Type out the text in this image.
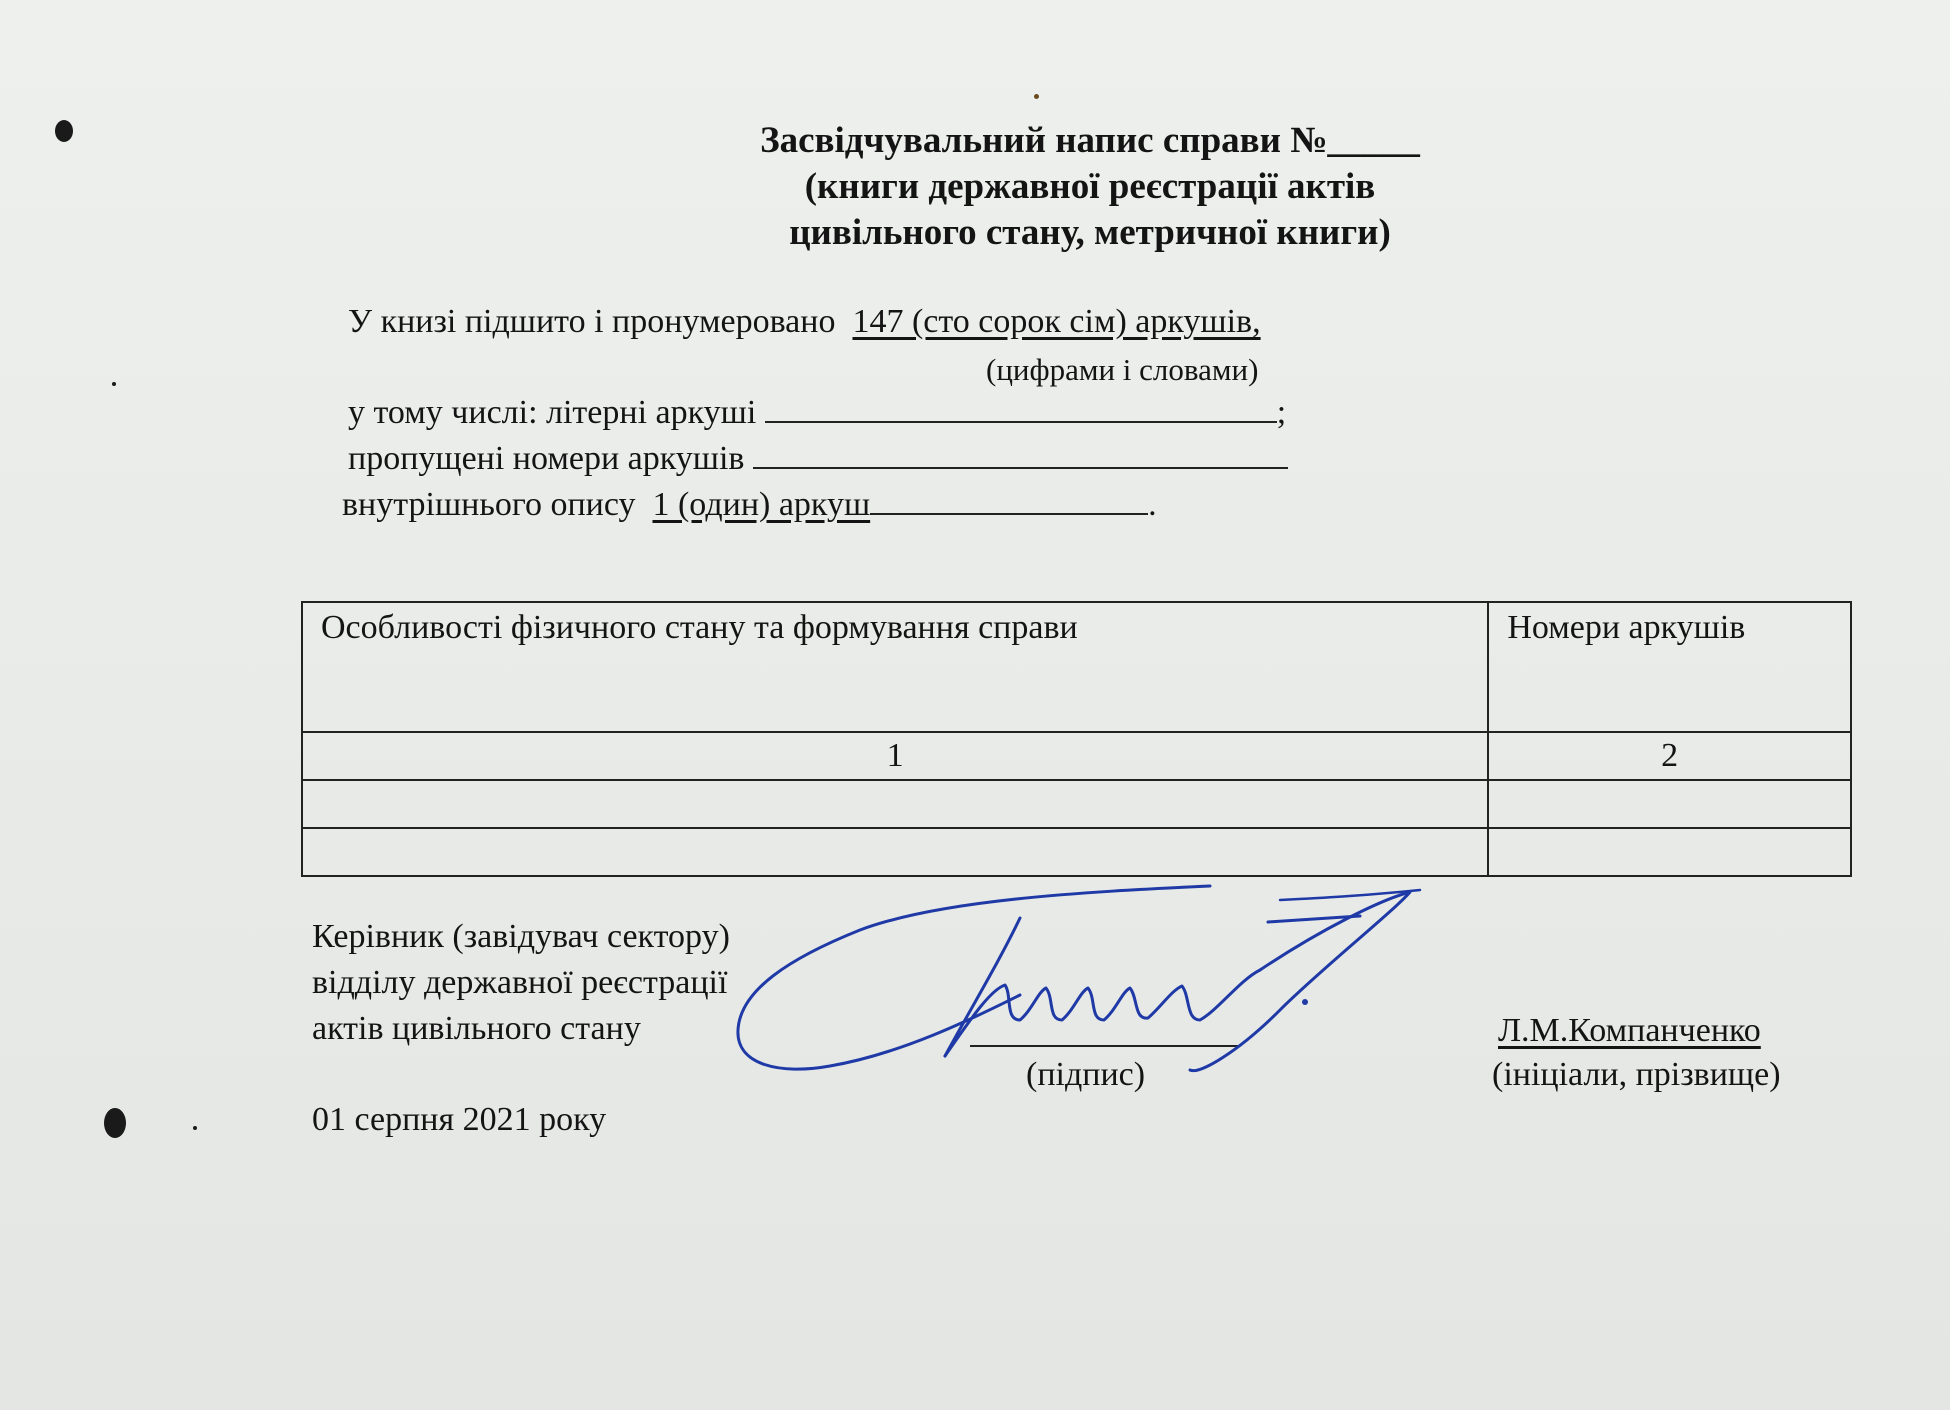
Засвідчувальний напис справи №_____
(книги державної реєстрації актів
цивільного стану, метричної книги)
У книзі підшито і пронумеровано 147 (сто сорок сім) аркушів,
(цифрами і словами)
у тому числі: літерні аркуші	;
пропущені номери аркушів
внутрішнього опису 1 (один) аркуш	.
Особливості фізичного стану та формування справи	Номери аркушів
1	2

Керівник (завідувач сектору)
відділу державної реєстрації
актів цивільного стану
(підпис)
Л.М.Компанченко
(ініціали, прізвище)
01 серпня 2021 року
